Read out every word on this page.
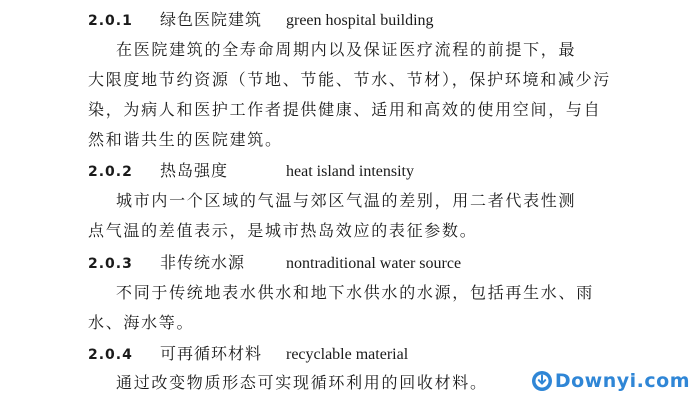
2.0.1 绿色医院建筑 green hospital building
在医院建筑的全寿命周期内以及保证医疗流程的前提下，最
大限度地节约资源（节地、节能、节水、节材），保护环境和减少污
染，为病人和医护工作者提供健康、适用和高效的使用空间，与自
然和谐共生的医院建筑。
2.0.2 热岛强度	heat island intensity
城市内一个区域的气温与郊区气温的差别，用二者代表性测
点气温的差值表示，是城市热岛效应的表征参数。
2.0.3 非传统水源	nontraditional water source
不同于传统地表水供水和地下水供水的水源，包括再生水、雨
水、海水等。
2.0.4 可再循环材料 recyclable material
通过改变物质形态可实现循环利用的回收材料。	Downyi.com
